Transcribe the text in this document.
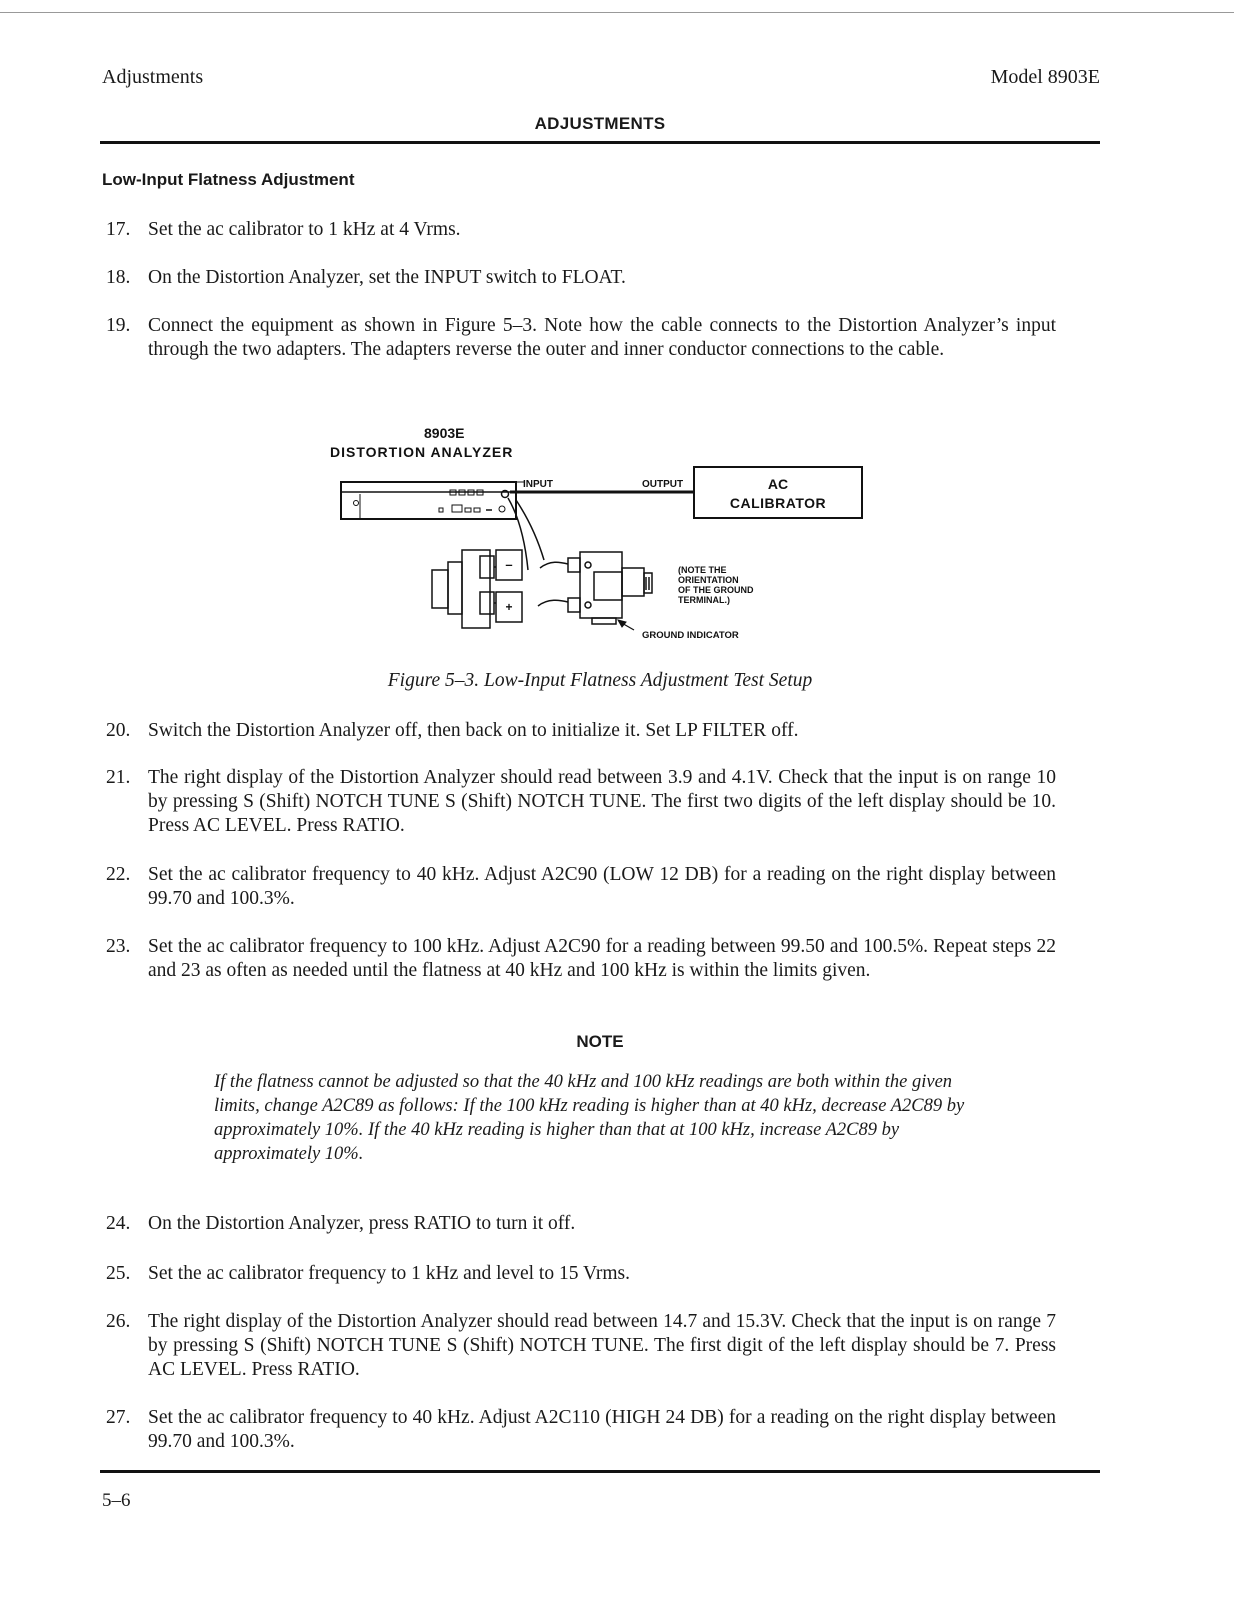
Adjustments	Model 8903E
ADJUSTMENTS
Low-Input Flatness Adjustment
17. Set the ac calibrator to 1 kHz at 4 Vrms.
18. On the Distortion Analyzer, set the INPUT switch to FLOAT.
19. Connect the equipment as shown in Figure 5–3. Note how the cable connects to the Distortion Analyzer’s input through the two adapters. The adapters reverse the outer and inner conductor connections to the cable.
8903E
DISTORTION ANALYZER
INPUT	OUTPUT	AC
CALIBRATOR
–
+
(NOTE THE
ORIENTATION
OF THE GROUND
TERMINAL.)
GROUND INDICATOR
Figure 5–3. Low-Input Flatness Adjustment Test Setup
20. Switch the Distortion Analyzer off, then back on to initialize it. Set LP FILTER off.
21. The right display of the Distortion Analyzer should read between 3.9 and 4.1V. Check that the input is on range 10 by pressing S (Shift) NOTCH TUNE S (Shift) NOTCH TUNE. The first two digits of the left display should be 10. Press AC LEVEL. Press RATIO.
22. Set the ac calibrator frequency to 40 kHz. Adjust A2C90 (LOW 12 DB) for a reading on the right display between 99.70 and 100.3%.
23. Set the ac calibrator frequency to 100 kHz. Adjust A2C90 for a reading between 99.50 and 100.5%. Repeat steps 22 and 23 as often as needed until the flatness at 40 kHz and 100 kHz is within the limits given.
NOTE
If the flatness cannot be adjusted so that the 40 kHz and 100 kHz readings are both within the given limits, change A2C89 as follows: If the 100 kHz reading is higher than at 40 kHz, decrease A2C89 by approximately 10%. If the 40 kHz reading is higher than that at 100 kHz, increase A2C89 by approximately 10%.
24. On the Distortion Analyzer, press RATIO to turn it off.
25. Set the ac calibrator frequency to 1 kHz and level to 15 Vrms.
26. The right display of the Distortion Analyzer should read between 14.7 and 15.3V. Check that the input is on range 7 by pressing S (Shift) NOTCH TUNE S (Shift) NOTCH TUNE. The first digit of the left display should be 7. Press AC LEVEL. Press RATIO.
27. Set the ac calibrator frequency to 40 kHz. Adjust A2C110 (HIGH 24 DB) for a reading on the right display between 99.70 and 100.3%.
5–6
